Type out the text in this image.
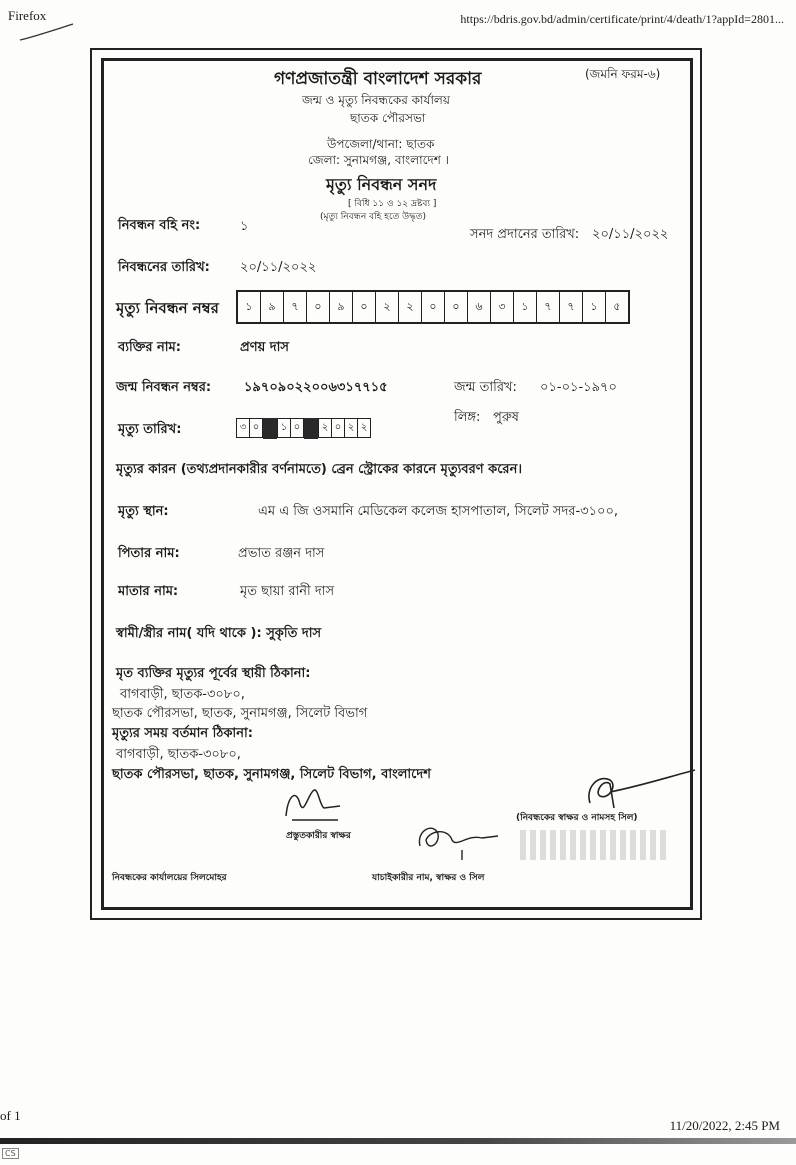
Firefox	https://bdris.gov.bd/admin/certificate/print/4/death/1?appId=2801...
গণপ্রজাতন্ত্রী বাংলাদেশ সরকার	(জমনি ফরম-৬)
জন্ম ও মৃত্যু নিবন্ধকের কার্যালয়
ছাতক পৌরসভা
উপজেলা/থানা: ছাতক
জেলা: সুনামগঞ্জ, বাংলাদেশ ।
মৃত্যু নিবন্ধন সনদ
[ বিধি ১১ ও ১২ দ্রষ্টব্য ]
(মৃত্যু নিবন্ধন বহি হতে উদ্ধৃত)
নিবন্ধন বহি নং:	১
সনদ প্রদানের তারিখ: ২০/১১/২০২২
নিবন্ধনের তারিখ: ২০/১১/২০২২
মৃত্যু নিবন্ধন নম্বর	১	৯	৭	০	৯	০	২	২	০	০	৬	৩	১	৭	৭	১	৫
ব্যক্তির নাম:	প্রণয় দাস
জন্ম নিবন্ধন নম্বর:	১৯৭০৯০২২০০৬৩১৭৭১৫	জন্ম তারিখ: ০১-০১-১৯৭০
লিঙ্গ: পুরুষ
মৃত্যু তারিখ:	৩ ০ ১ ০ ২ ০ ২ ২
মৃত্যুর কারন (তথ্যপ্রদানকারীর বর্ণনামতে) ব্রেন স্ট্রোকের কারনে মৃত্যুবরণ করেন।
মৃত্যু স্থান:	এম এ জি ওসমানি মেডিকেল কলেজ হাসপাতাল, সিলেট সদর-৩১০০,
পিতার নাম:	প্রভাত রঞ্জন দাস
মাতার নাম:	মৃত ছায়া রানী দাস
স্বামী/স্ত্রীর নাম( যদি থাকে ): সুকৃতি দাস
মৃত ব্যক্তির মৃত্যুর পূর্বের স্থায়ী ঠিকানা:
বাগবাড়ী, ছাতক-৩০৮০,
ছাতক পৌরসভা, ছাতক, সুনামগঞ্জ, সিলেট বিভাগ
মৃত্যুর সময় বর্তমান ঠিকানা:
বাগবাড়ী, ছাতক-৩০৮০,
ছাতক পৌরসভা, ছাতক, সুনামগঞ্জ, সিলেট বিভাগ, বাংলাদেশ
প্রস্তুতকারীর স্বাক্ষর
(নিবন্ধকের স্বাক্ষর ও নামসহ সিল)
নিবন্ধকের কার্যালয়ের সিলমোহর	যাচাইকারীর নাম, স্বাক্ষর ও সিল
of 1
11/20/2022, 2:45 PM
CS
